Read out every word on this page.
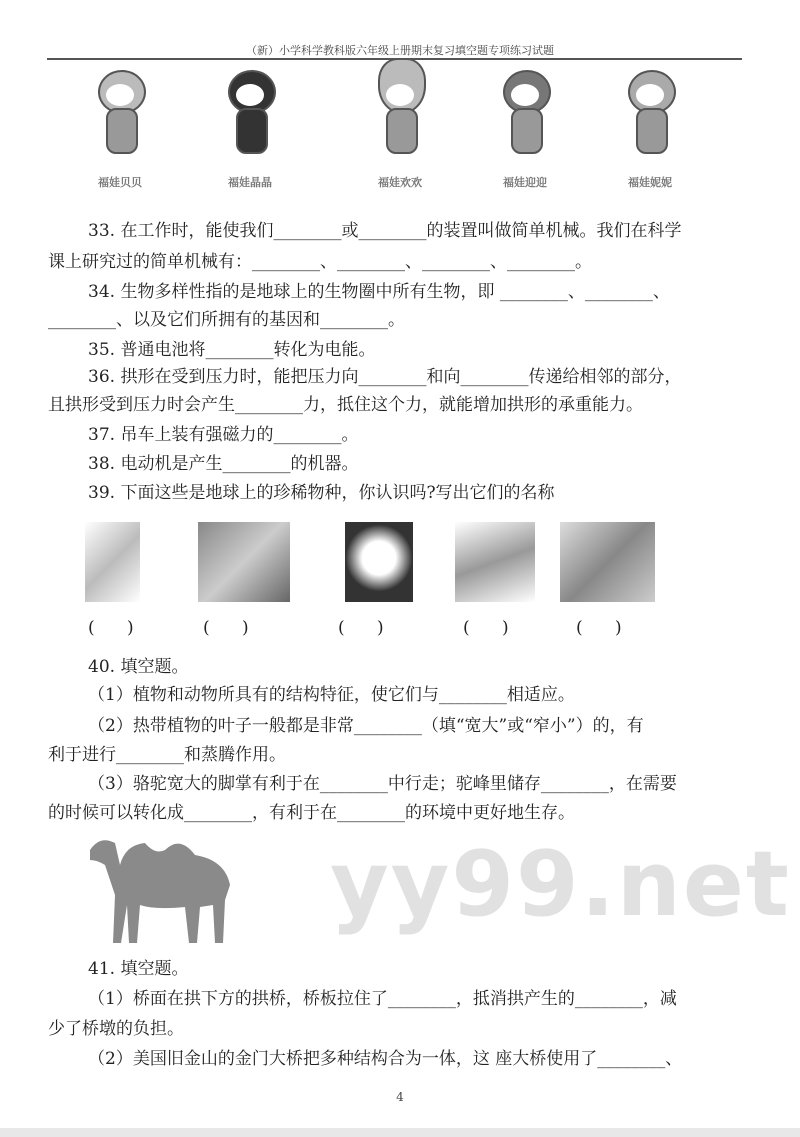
（新）小学科学教科版六年级上册期末复习填空题专项练习试题
福娃贝贝	福娃晶晶	福娃欢欢	福娃迎迎	福娃妮妮
33. 在工作时，能使我们________或________的装置叫做简单机械。我们在科学
课上研究过的简单机械有：________、________、________、________。
34. 生物多样性指的是地球上的生物圈中所有生物，即 ________、________、
________、以及它们所拥有的基因和________。
35. 普通电池将________转化为电能。
36. 拱形在受到压力时，能把压力向________和向________传递给相邻的部分，
且拱形受到压力时会产生________力，抵住这个力，就能增加拱形的承重能力。
37. 吊车上装有强磁力的________。
38. 电动机是产生________的机器。
39. 下面这些是地球上的珍稀物种，你认识吗?写出它们的名称
(      )	(      )	(      )	(      )	(      )
40. 填空题。
（1）植物和动物所具有的结构特征，使它们与________相适应。
（2）热带植物的叶子一般都是非常________（填“宽大”或“窄小”）的，有
利于进行________和蒸腾作用。
（3）骆驼宽大的脚掌有利于在________中行走；驼峰里储存________，在需要
的时候可以转化成________，有利于在________的环境中更好地生存。
yy99.net
41. 填空题。
（1）桥面在拱下方的拱桥，桥板拉住了________，抵消拱产生的________，减
少了桥墩的负担。
（2）美国旧金山的金门大桥把多种结构合为一体，这 座大桥使用了________、
4
